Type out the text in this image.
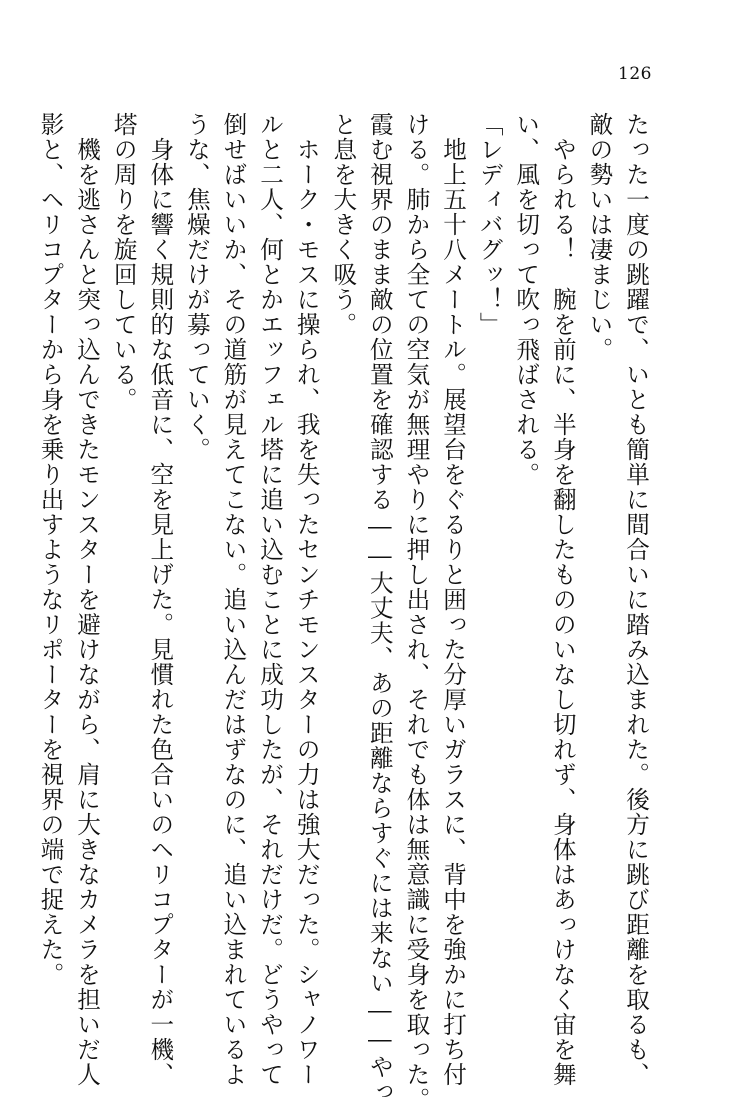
126
たった一度の跳躍で、いとも簡単に間合いに踏み込まれた。後方に跳び距離を取るも、
敵の勢いは凄まじい。
　やられる！　腕を前に、半身を翻したもののいなし切れず、身体はあっけなく宙を舞
い、風を切って吹っ飛ばされる。
「レディバグッ！」
　地上五十八メートル。展望台をぐるりと囲った分厚いガラスに、背中を強かに打ち付
ける。肺から全ての空気が無理やりに押し出され、それでも体は無意識に受身を取った。
霞む視界のまま敵の位置を確認する――大丈夫、あの距離ならすぐには来ない――やっ
と息を大きく吸う。
　ホーク・モスに操られ、我を失ったセンチモンスターの力は強大だった。シャノワー
ルと二人、何とかエッフェル塔に追い込むことに成功したが、それだけだ。どうやって
倒せばいいか、その道筋が見えてこない。追い込んだはずなのに、追い込まれているよ
うな、焦燥だけが募っていく。
　身体に響く規則的な低音に、空を見上げた。見慣れた色合いのヘリコプターが一機、
塔の周りを旋回している。
　機を逃さんと突っ込んできたモンスターを避けながら、肩に大きなカメラを担いだ人
影と、ヘリコプターから身を乗り出すようなリポーターを視界の端で捉えた。
